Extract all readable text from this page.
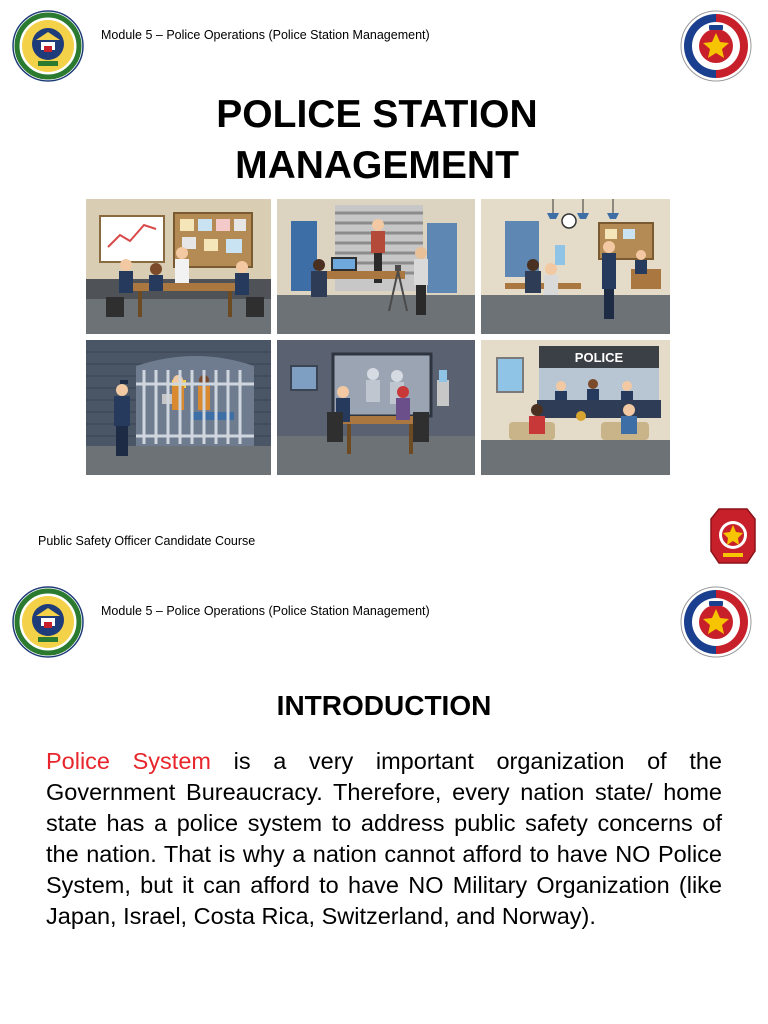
Module 5 – Police Operations (Police Station Management)
POLICE STATION
MANAGEMENT
POLICE
Public Safety Officer Candidate Course
Module 5 – Police Operations (Police Station Management)
INTRODUCTION
Police System is a very important organization of the Government Bureaucracy. Therefore, every nation state/ home state has a police system to address public safety concerns of the nation. That is why a nation cannot afford to have NO Police System, but it can afford to have NO Military Organization (like Japan, Israel, Costa Rica, Switzerland, and Norway).
